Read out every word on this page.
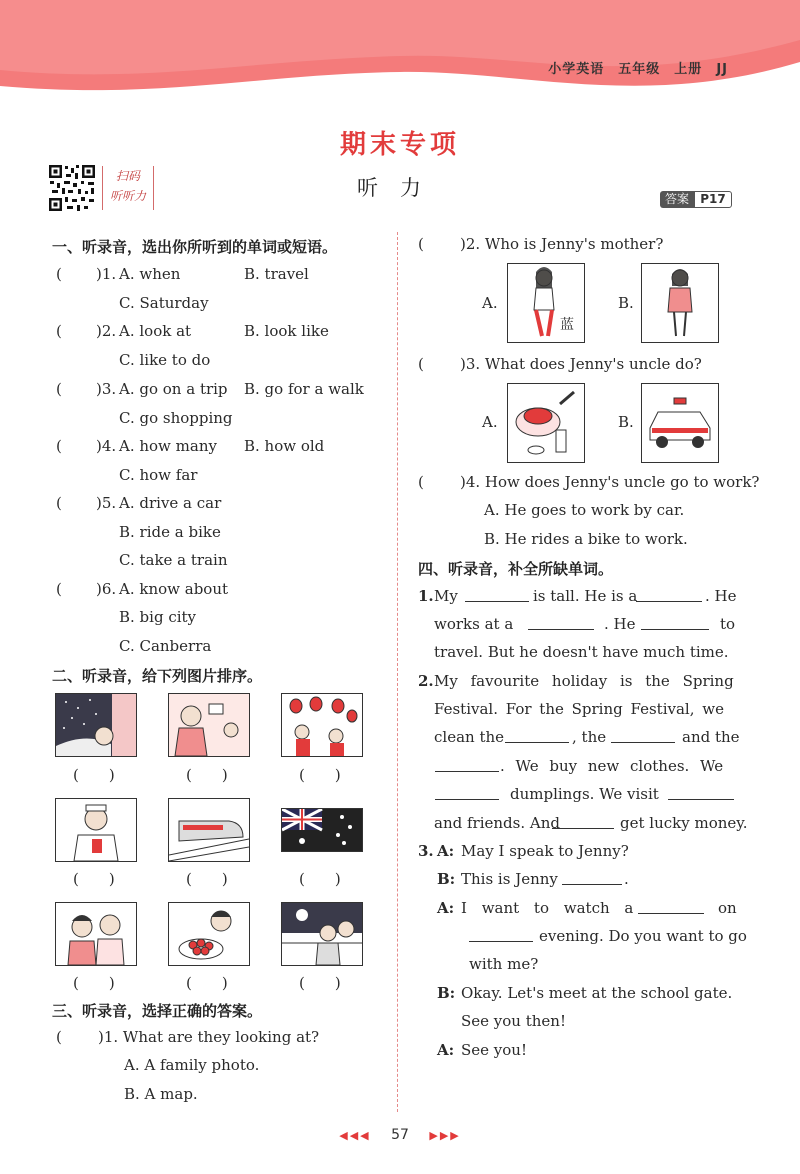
小学英语 五年级 上册 JJ
期末专项
听力
扫码
听听力	答案 P17
一、听录音，选出你所听到的单词或短语。
( )1. A. when	B. travel
C. Saturday
( )2. A. look at	B. look like
C. like to do
( )3. A. go on a trip B. go for a walk
C. go shopping
( )4. A. how many B. how old
C. how far
( )5. A. drive a car
B. ride a bike
C. take a train
( )6. A. know about
B. big city
C. Canberra
二、听录音，给下列图片排序。
(　　)	(　　)	(　　)
(　　)	(　　)	(　　)
(　　)	(　　)	(　　)
三、听录音，选择正确的答案。
( )1. What are they looking at?
A. A family photo.
B. A map.
( )2. Who is Jenny's mother?
A.
蓝
B.
( )3. What does Jenny's uncle do?
A.	B.
( )4. How does Jenny's uncle go to work?
A. He goes to work by car.
B. He rides a bike to work.
四、听录音，补全所缺单词。
1. My	is tall. He is a	. He
works at a	. He	to
travel. But he doesn't have much time.
2. My favourite holiday is the Spring
Festival. For the Spring Festival, we
clean the	, the	and the
. We buy new clothes. We
dumplings. We visit
and friends. And	get lucky money.
3. A: May I speak to Jenny?
B: This is Jenny	.
A: I want to watch a	on
evening. Do you want to go
with me?
B: Okay. Let's meet at the school gate.
See you then!
A: See you!
◀◀◀ 57 ▶▶▶
